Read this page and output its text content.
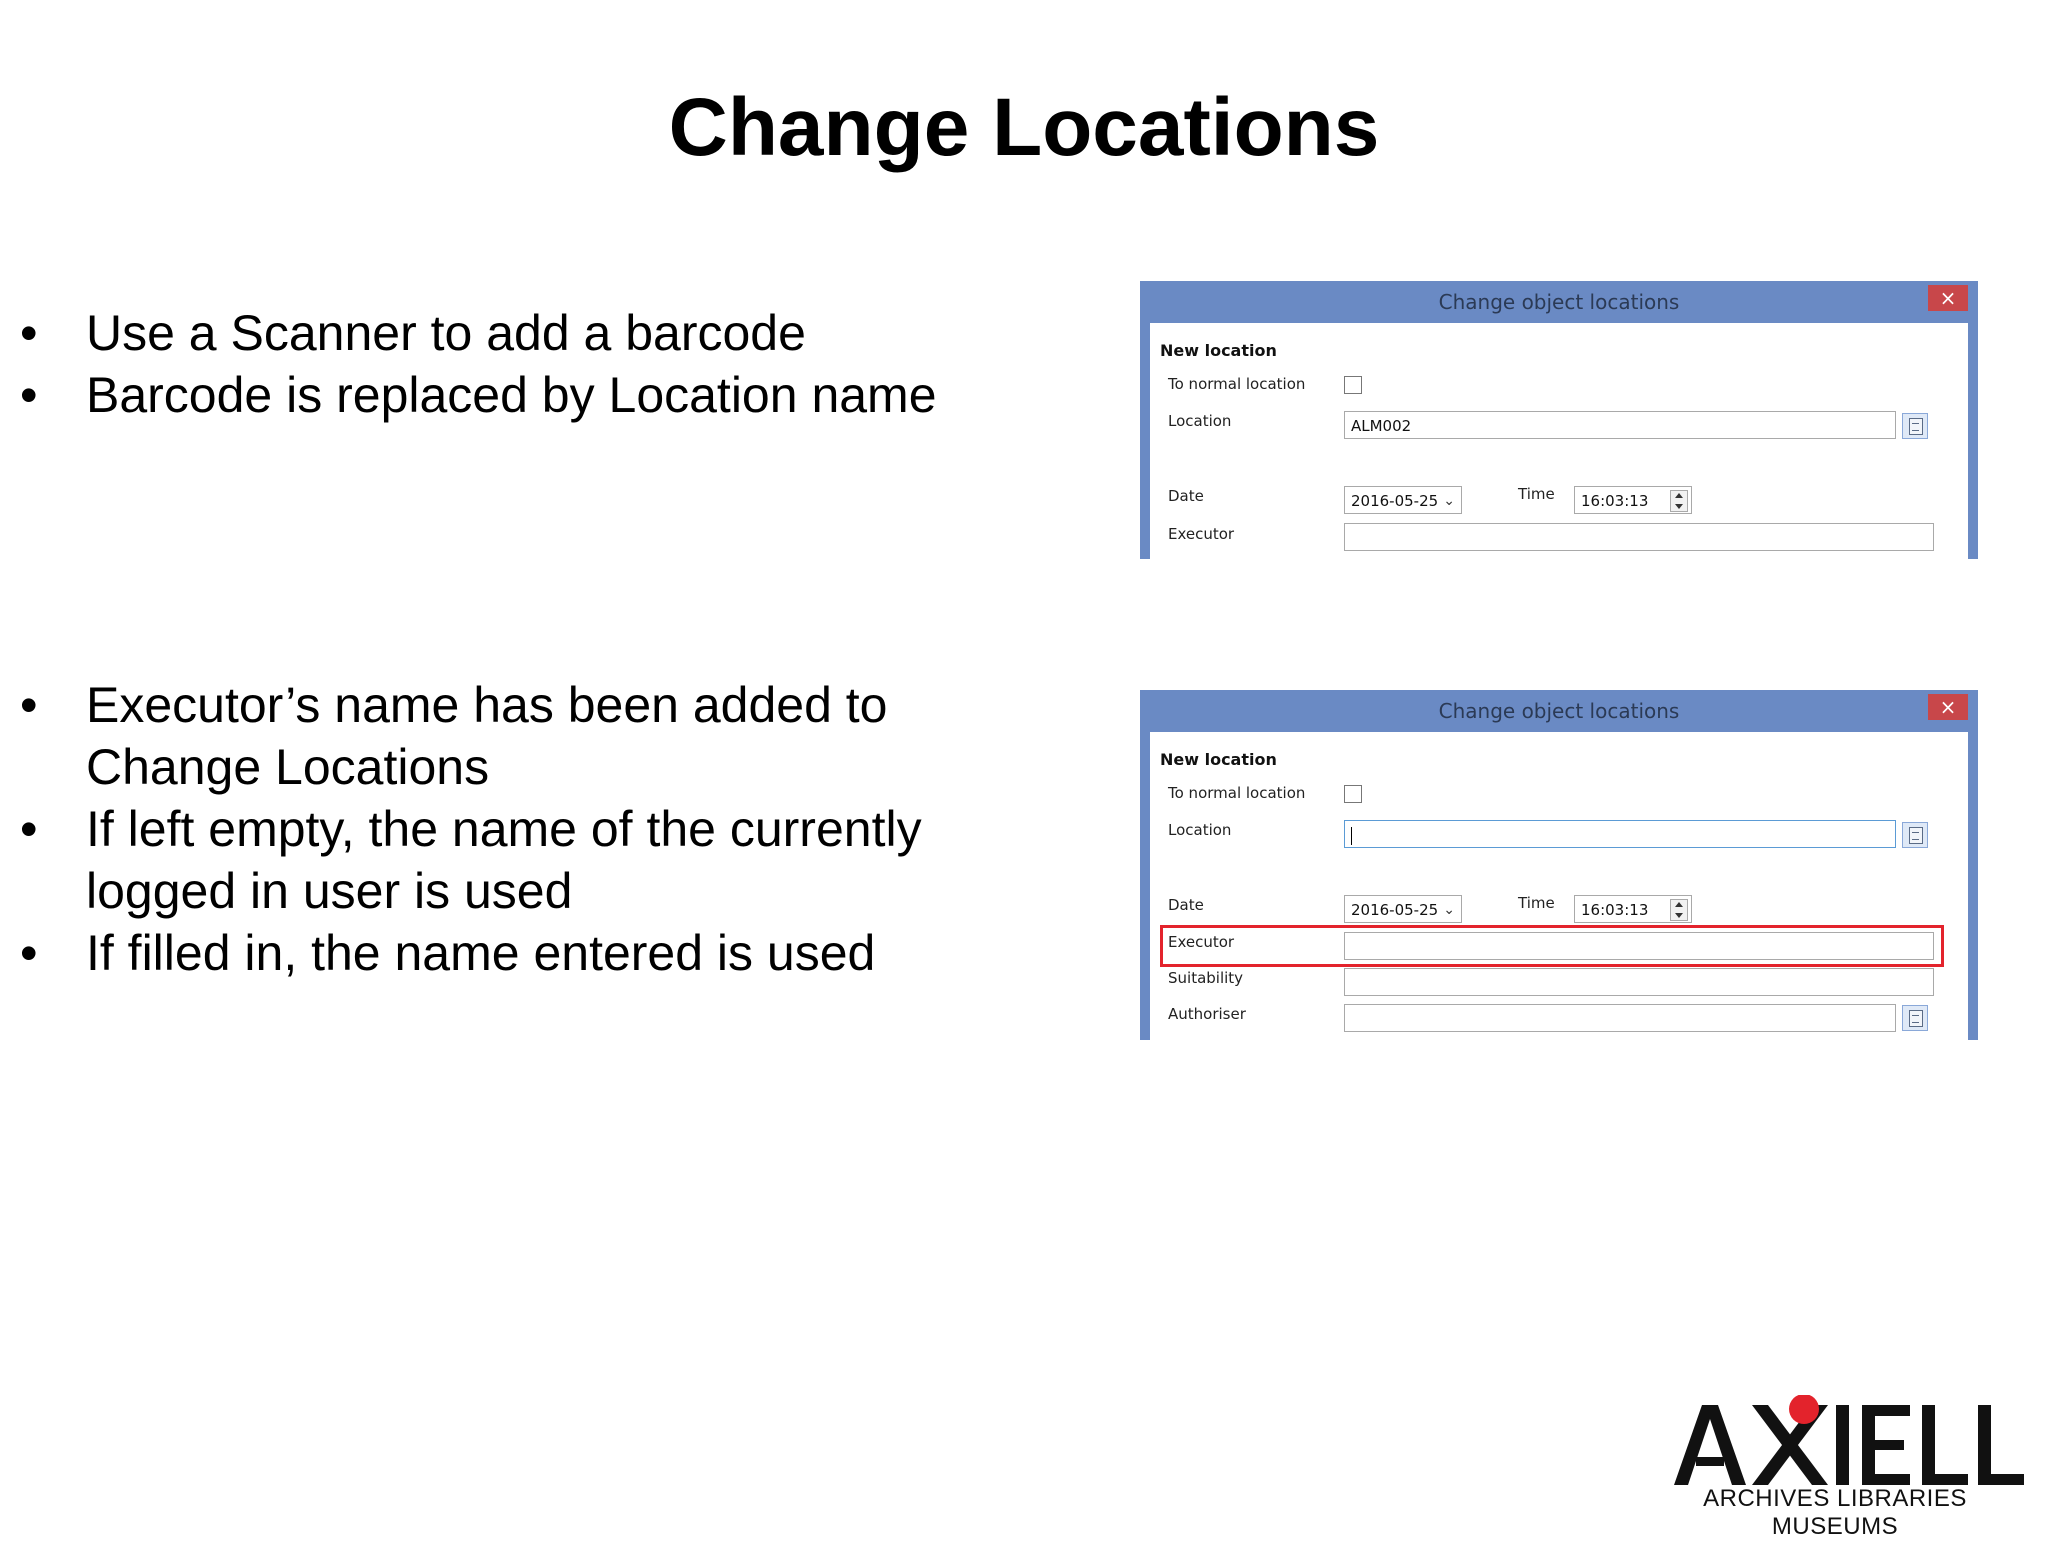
Change Locations
• Use a Scanner to add a barcode
• Barcode is replaced by Location name
• Executor’s name has been added to Change Locations
• If left empty, the name of the currently logged in user is used
• If filled in, the name entered is used
Change object locations	×
New location
To normal location
Location	ALM002
Date	2016-05-25 ⌄	Time	16:03:13
Executor
Change object locations	×
New location
To normal location
Location
Date	2016-05-25 ⌄	Time	16:03:13
Executor
Suitability
Authoriser
ARCHIVES LIBRARIES MUSEUMS
